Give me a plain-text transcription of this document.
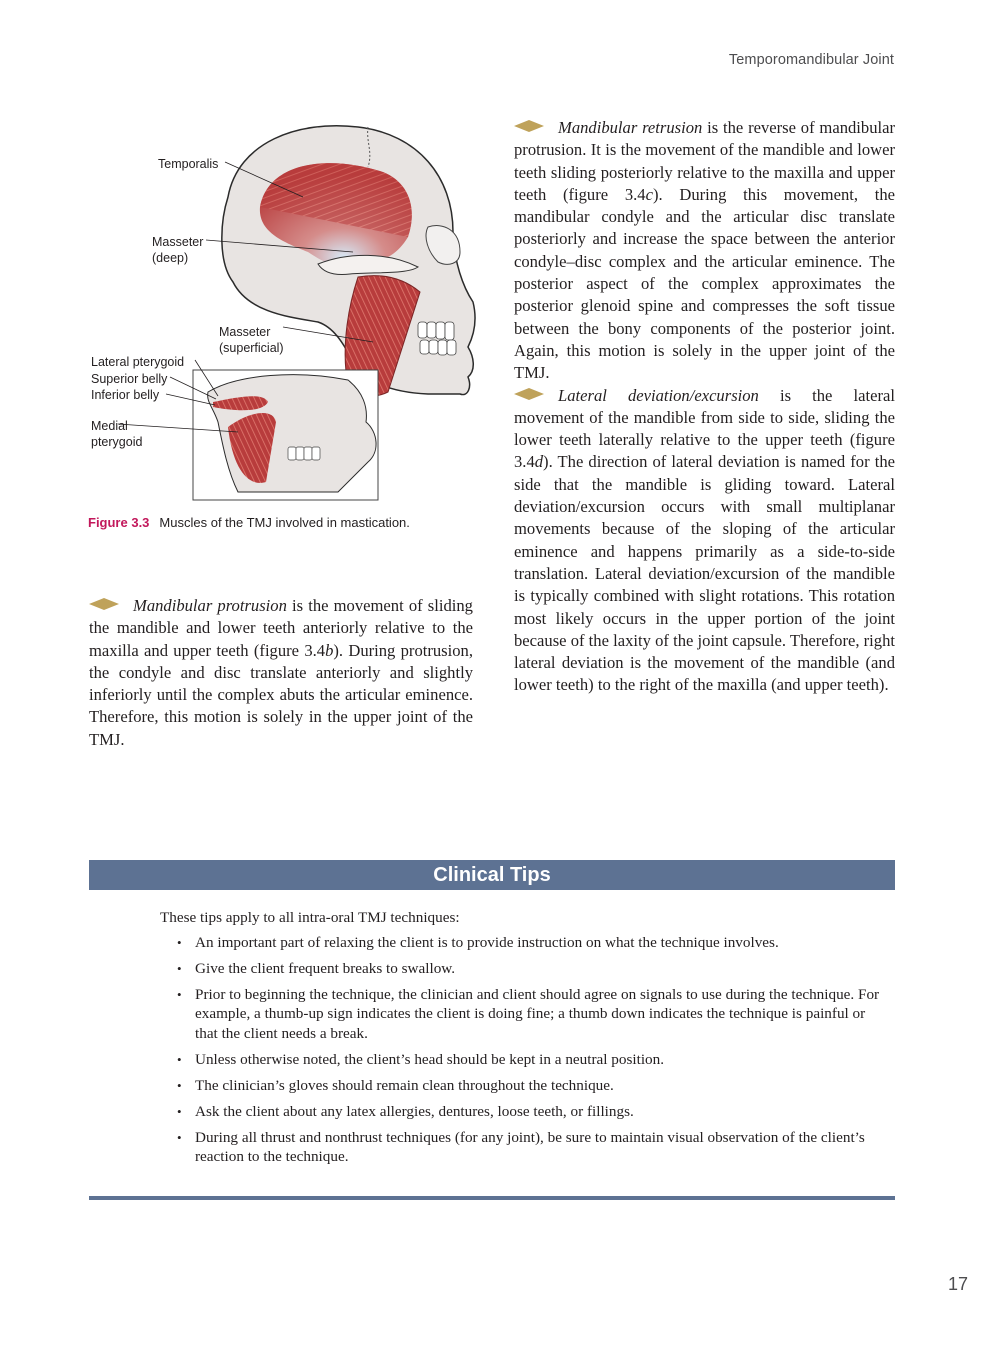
Temporomandibular Joint
Temporalis
Masseter
(deep)
Masseter
(superficial)
Lateral pterygoid
Superior belly
Inferior belly
Medial
pterygoid
Figure 3.3 Muscles of the TMJ involved in mastication.

Mandibular protrusion is the movement of sliding the mandible and lower teeth anteriorly relative to the maxilla and upper teeth (figure 3.4b). During protrusion, the condyle and disc translate anteriorly and slightly inferiorly until the complex abuts the articular eminence. Therefore, this motion is solely in the upper joint of the TMJ.

Mandibular retrusion is the reverse of mandibular protrusion. It is the movement of the mandible and lower teeth sliding posteriorly relative to the maxilla and upper teeth (figure 3.4c). During this movement, the mandibular condyle and the articular disc translate posteriorly and increase the space between the anterior condyle–disc complex and the articular eminence. The posterior aspect of the complex approximates the posterior glenoid spine and compresses the soft tissue between the bony components of the posterior joint. Again, this motion is solely in the upper joint of the TMJ.

Lateral deviation/excursion is the lateral movement of the mandible from side to side, sliding the lower teeth laterally relative to the upper teeth (figure 3.4d). The direction of lateral deviation is named for the side that the mandible is gliding toward. Lateral deviation/excursion occurs with small multiplanar movements because of the sloping of the articular eminence and happens primarily as a side-to-side translation. Lateral deviation/excursion of the mandible is typically combined with slight rotations. This rotation most likely occurs in the upper portion of the joint because of the laxity of the joint capsule. Therefore, right lateral deviation is the movement of the mandible (and lower teeth) to the right of the maxilla (and upper teeth).

Clinical Tips

These tips apply to all intra-oral TMJ techniques:

• An important part of relaxing the client is to provide instruction on what the technique involves.
• Give the client frequent breaks to swallow.
• Prior to beginning the technique, the clinician and client should agree on signals to use during the technique. For example, a thumb-up sign indicates the client is doing fine; a thumb down indicates the technique is painful or that the client needs a break.
• Unless otherwise noted, the client’s head should be kept in a neutral position.
• The clinician’s gloves should remain clean throughout the technique.
• Ask the client about any latex allergies, dentures, loose teeth, or fillings.
• During all thrust and nonthrust techniques (for any joint), be sure to maintain visual observation of the client’s reaction to the technique.
17
